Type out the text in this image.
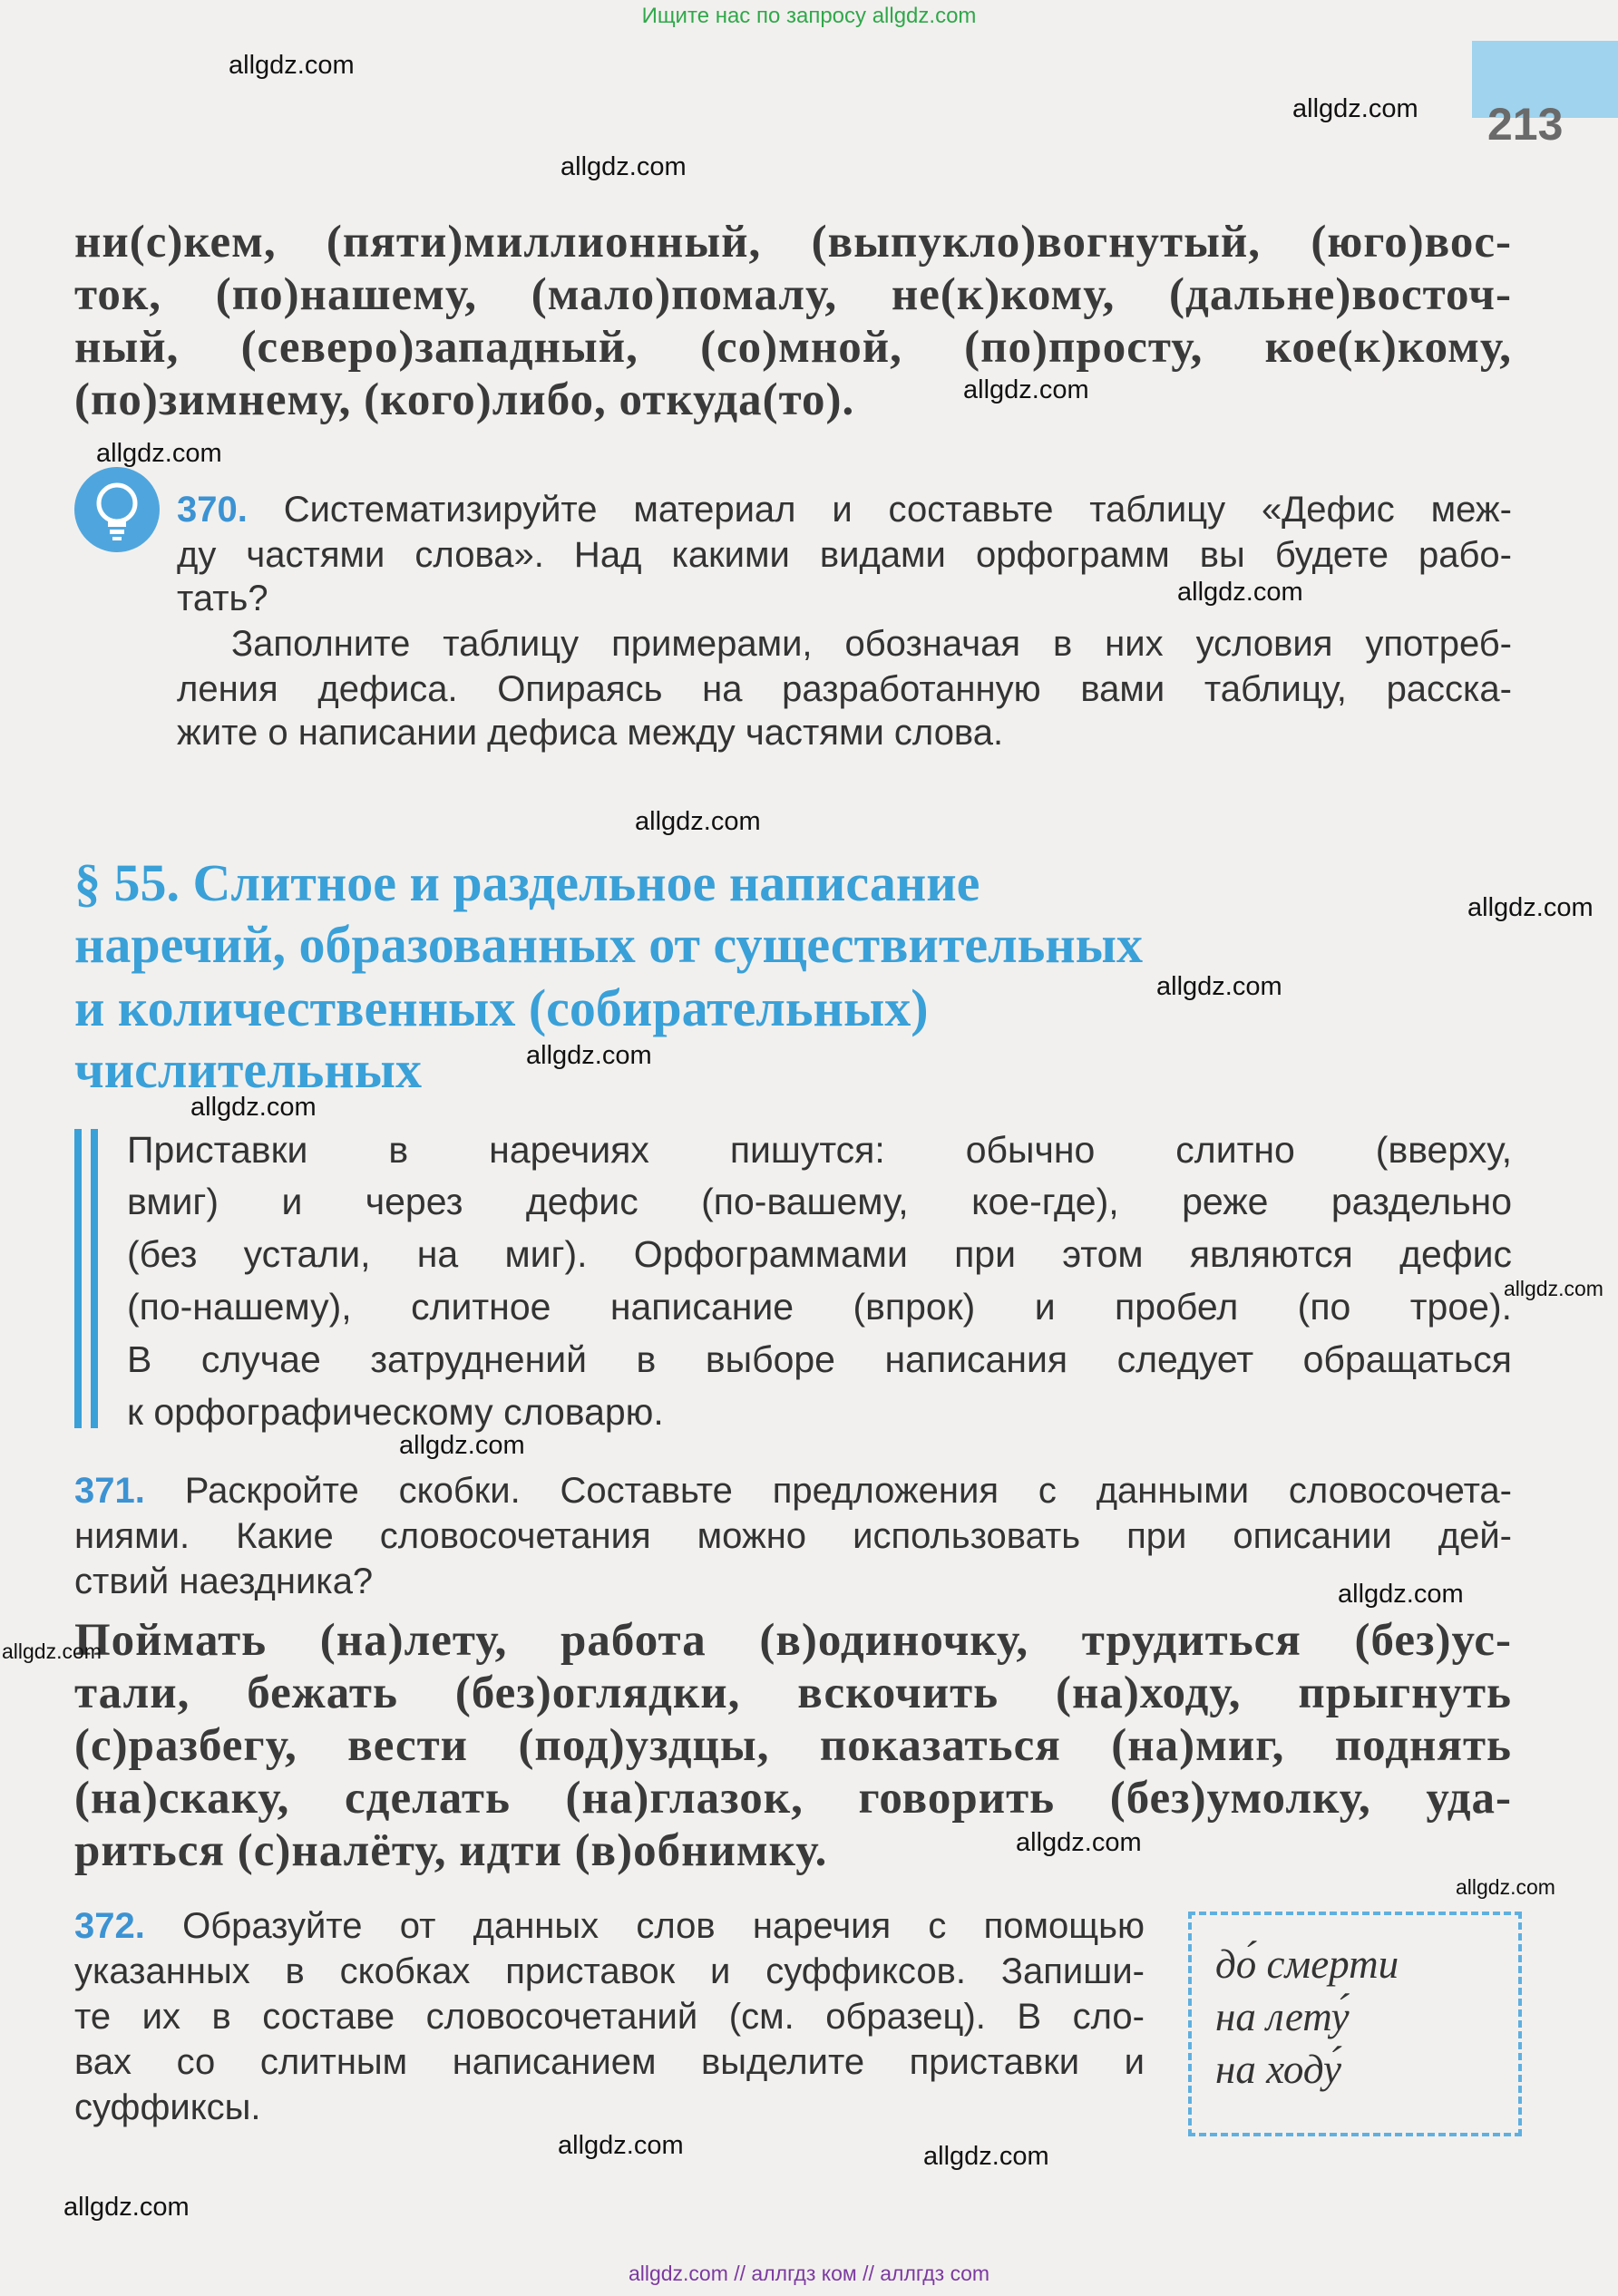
Ищите нас по запросу allgdz.com
213
ни(с)кем, (пяти)миллионный, (выпукло)вогнутый, (юго)вос-
ток, (по)нашему, (мало)помалу, не(к)кому, (дальне)восточ-
ный, (северо)западный, (со)мной, (по)просту, кое(к)кому,
(по)зимнему, (кого)либо, откуда(то).
370. Систематизируйте материал и составьте таблицу «Дефис меж-
ду частями слова». Над какими видами орфограмм вы будете рабо-
тать?
Заполните таблицу примерами, обозначая в них условия употреб-
ления дефиса. Опираясь на разработанную вами таблицу, расска-
жите о написании дефиса между частями слова.
§ 55. Слитное и раздельное написание
наречий, образованных от существительных
и количественных (собирательных)
числительных
Приставки в наречиях пишутся: обычно слитно (вверху,
вмиг) и через дефис (по-вашему, кое-где), реже раздельно
(без устали, на миг). Орфограммами при этом являются дефис
(по-нашему), слитное написание (впрок) и пробел (по трое).
В случае затруднений в выборе написания следует обращаться
к орфографическому словарю.
371. Раскройте скобки. Составьте предложения с данными словосочета-
ниями. Какие словосочетания можно использовать при описании дей-
ствий наездника?
Поймать (на)лету, работа (в)одиночку, трудиться (без)ус-
тали, бежать (без)оглядки, вскочить (на)ходу, прыгнуть
(с)разбегу, вести (под)уздцы, показаться (на)миг, поднять
(на)скаку, сделать (на)глазок, говорить (без)умолку, уда-
риться (с)налёту, идти (в)обнимку.
372. Образуйте от данных слов наречия с помощью
указанных в скобках приставок и суффиксов. Запиши-
те их в составе словосочетаний (см. образец). В сло-
вах со слитным написанием выделите приставки и
суффиксы.
до́ смерти
на лету́
на ходу́
allgdz.com
allgdz.com
allgdz.com
allgdz.com
allgdz.com
allgdz.com
allgdz.com
allgdz.com
allgdz.com
allgdz.com
allgdz.com
allgdz.com
allgdz.com
allgdz.com
allgdz.com
allgdz.com
allgdz.com
allgdz.com	allgdz.com
allgdz.com
allgdz.com // аллгдз ком // аллгдз com
